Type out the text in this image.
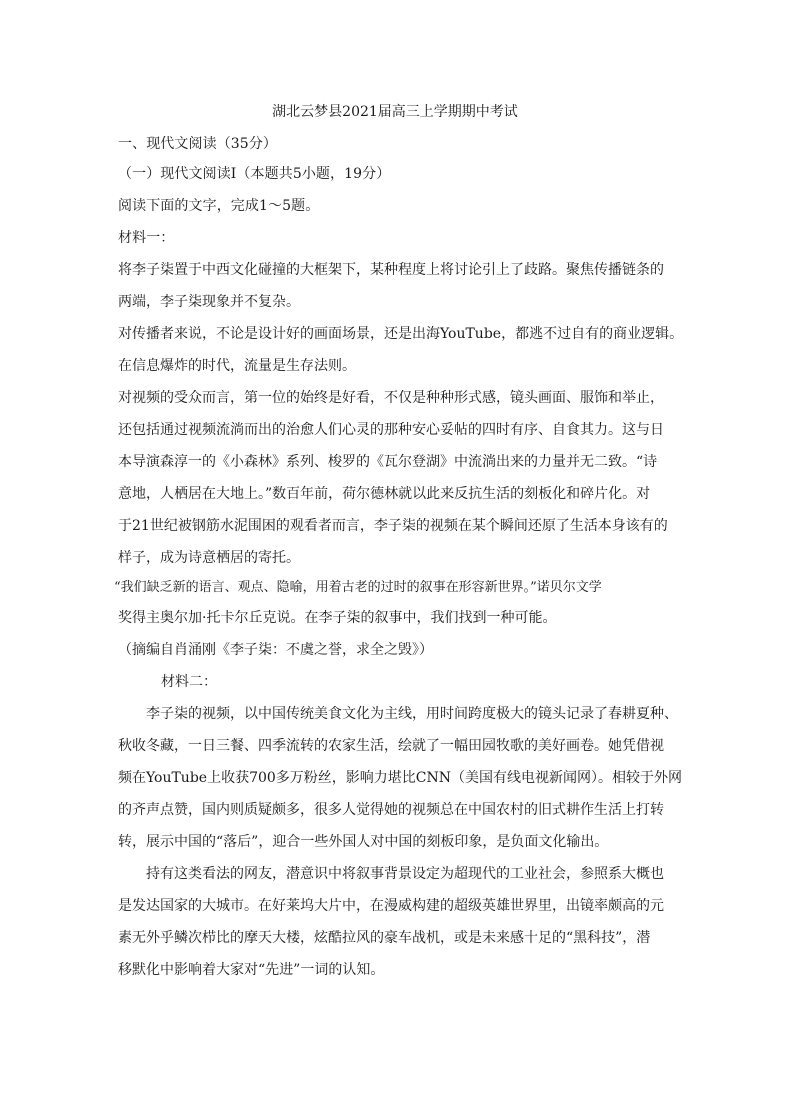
湖北云梦县2021届高三上学期期中考试
一、现代文阅读（35分）
（一）现代文阅读Ⅰ（本题共5小题，19分）
阅读下面的文字，完成1～5题。
材料一：
将李子柒置于中西文化碰撞的大框架下，某种程度上将讨论引上了歧路。聚焦传播链条的
两端，李子柒现象并不复杂。
对传播者来说，不论是设计好的画面场景，还是出海YouTube，都逃不过自有的商业逻辑。
在信息爆炸的时代，流量是生存法则。
对视频的受众而言，第一位的始终是好看，不仅是种种形式感，镜头画面、服饰和举止，
还包括通过视频流淌而出的治愈人们心灵的那种安心妥帖的四时有序、自食其力。这与日
本导演森淳一的《小森林》系列、梭罗的《瓦尔登湖》中流淌出来的力量并无二致。“诗
意地，人栖居在大地上。”数百年前，荷尔德林就以此来反抗生活的刻板化和碎片化。对
于21世纪被钢筋水泥围困的观看者而言，李子柒的视频在某个瞬间还原了生活本身该有的
样子，成为诗意栖居的寄托。
“我们缺乏新的语言、观点、隐喻，用着古老的过时的叙事在形容新世界。”诺贝尔文学
奖得主奥尔加·托卡尔丘克说。在李子柒的叙事中，我们找到一种可能。
（摘编自肖涌刚《李子柒：不虞之誉，求全之毁》）
材料二：
李子柒的视频，以中国传统美食文化为主线，用时间跨度极大的镜头记录了春耕夏种、
秋收冬藏，一日三餐、四季流转的农家生活，绘就了一幅田园牧歌的美好画卷。她凭借视
频在YouTube上收获700多万粉丝，影响力堪比CNN（美国有线电视新闻网）。相较于外网
的齐声点赞，国内则质疑颇多，很多人觉得她的视频总在中国农村的旧式耕作生活上打转
转，展示中国的“落后”，迎合一些外国人对中国的刻板印象，是负面文化输出。
持有这类看法的网友，潜意识中将叙事背景设定为超现代的工业社会，参照系大概也
是发达国家的大城市。在好莱坞大片中，在漫威构建的超级英雄世界里，出镜率颇高的元
素无外乎鳞次栉比的摩天大楼，炫酷拉风的豪车战机，或是未来感十足的“黑科技”，潜
移默化中影响着大家对“先进”一词的认知。
